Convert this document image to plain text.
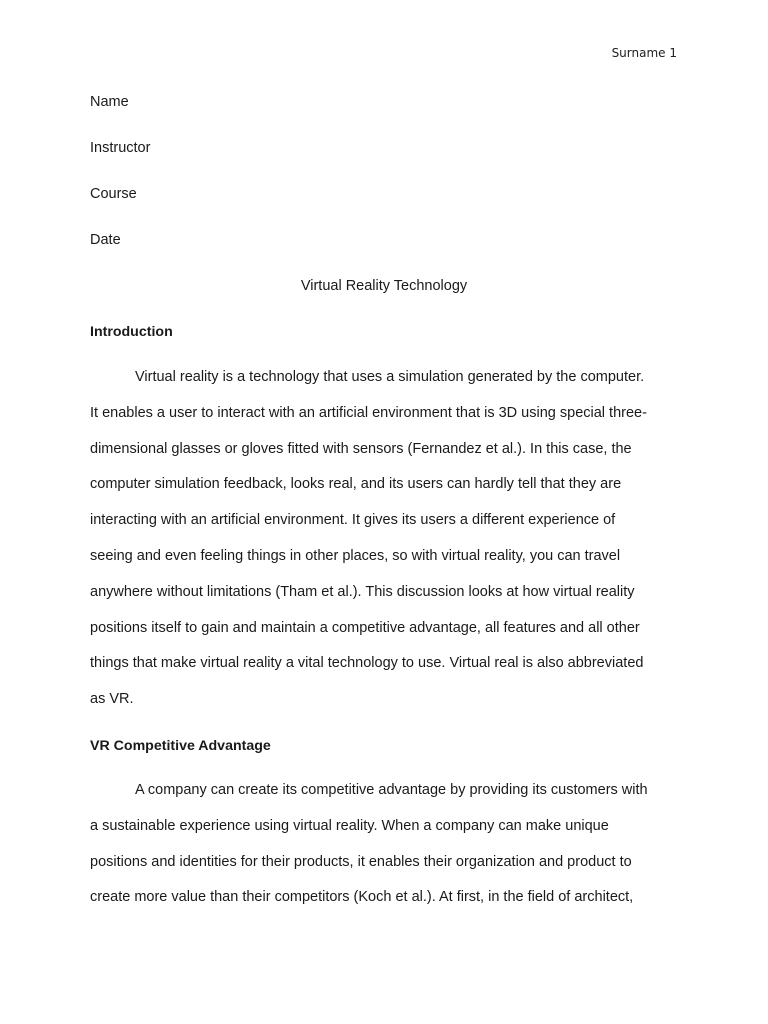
Surname 1
Name
Instructor
Course
Date
Virtual Reality Technology
Introduction
Virtual reality is a technology that uses a simulation generated by the computer.
It enables a user to interact with an artificial environment that is 3D using special three-
dimensional glasses or gloves fitted with sensors (Fernandez et al.). In this case, the
computer simulation feedback, looks real, and its users can hardly tell that they are
interacting with an artificial environment. It gives its users a different experience of
seeing and even feeling things in other places, so with virtual reality, you can travel
anywhere without limitations (Tham et al.). This discussion looks at how virtual reality
positions itself to gain and maintain a competitive advantage, all features and all other
things that make virtual reality a vital technology to use. Virtual real is also abbreviated
as VR.
VR Competitive Advantage
A company can create its competitive advantage by providing its customers with
a sustainable experience using virtual reality. When a company can make unique
positions and identities for their products, it enables their organization and product to
create more value than their competitors (Koch et al.). At first, in the field of architect,
